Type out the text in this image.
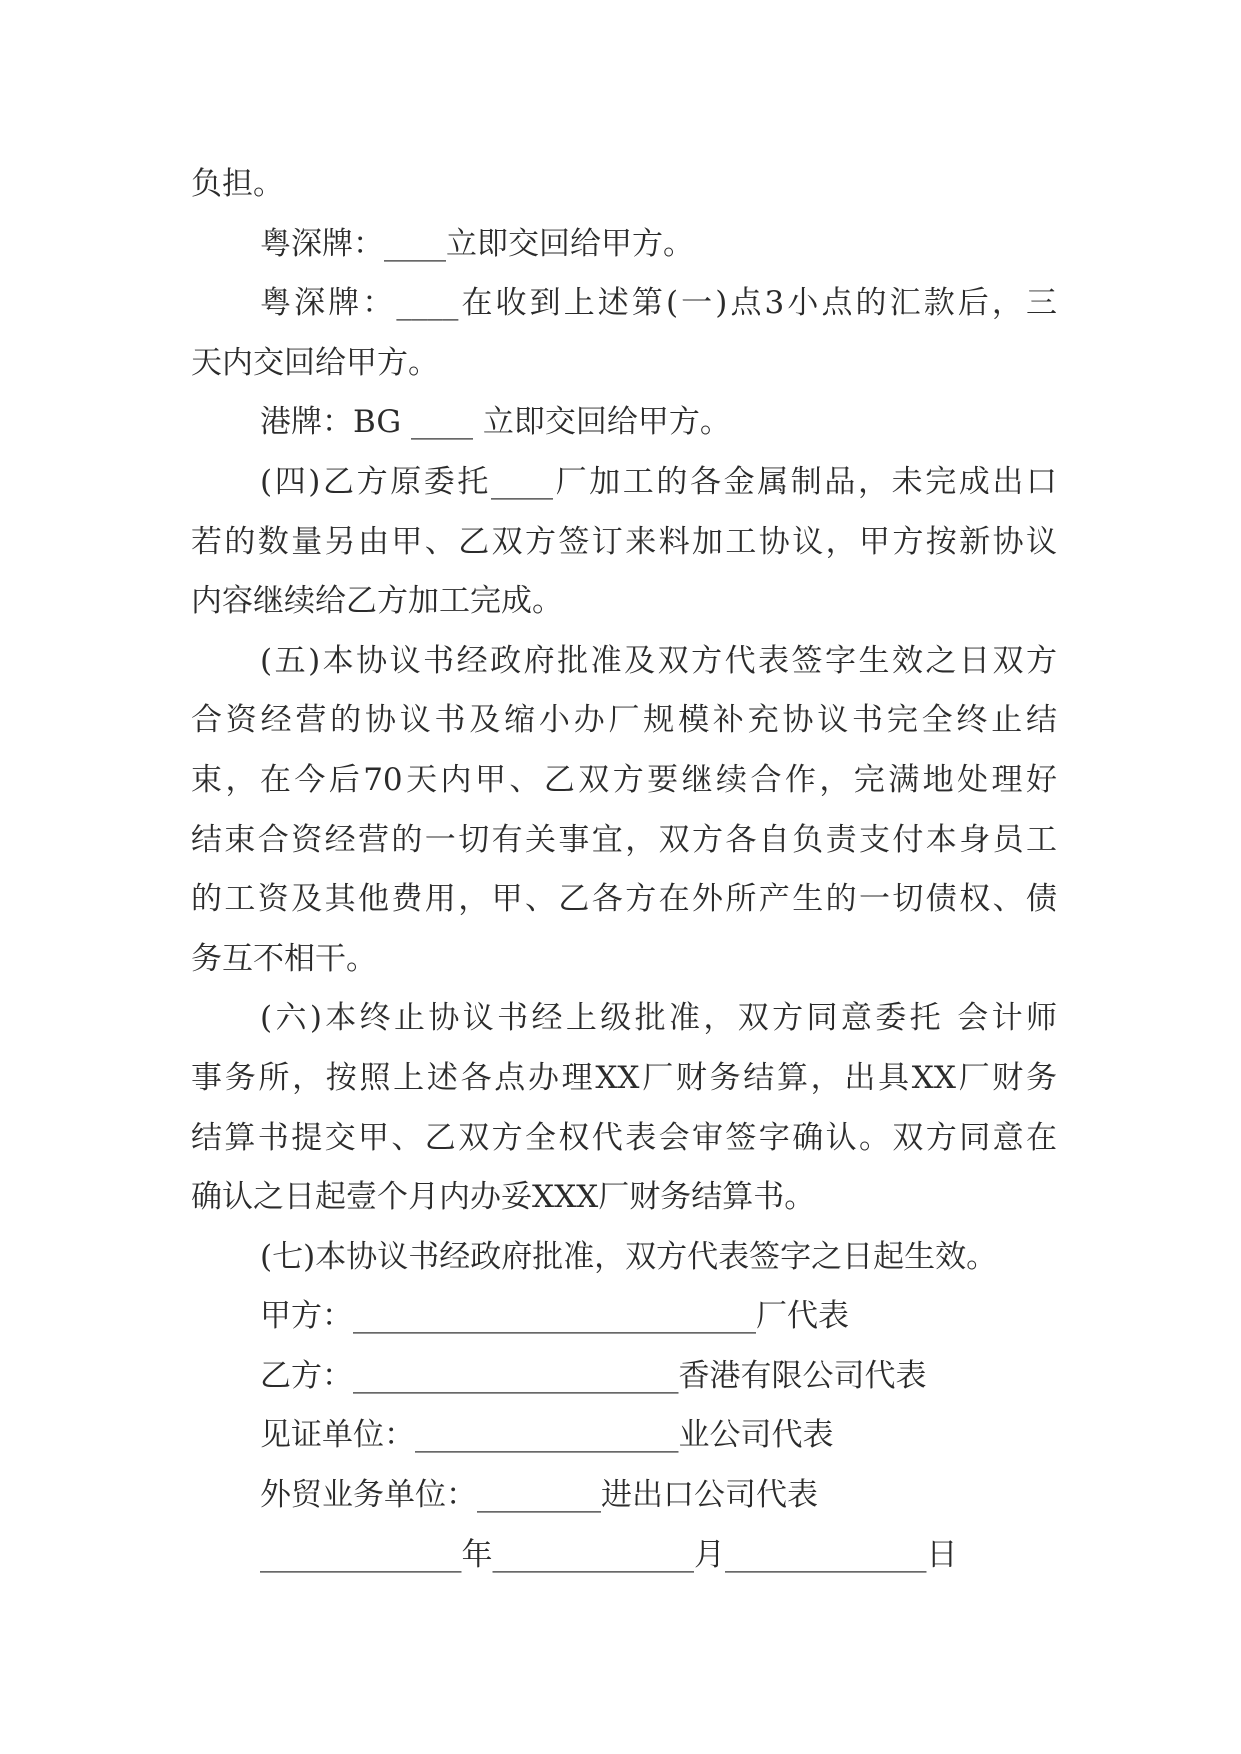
负担。
粤深牌：____立即交回给甲方。
粤深牌：____在收到上述第(一)点3小点的汇款后，三
天内交回给甲方。
港牌：BG ____ 立即交回给甲方。
(四)乙方原委托____厂加工的各金属制品，未完成出口
若的数量另由甲、乙双方签订来料加工协议，甲方按新协议
内容继续给乙方加工完成。
(五)本协议书经政府批准及双方代表签字生效之日双方
合资经营的协议书及缩小办厂规模补充协议书完全终止结
束，在今后70天内甲、乙双方要继续合作，完满地处理好
结束合资经营的一切有关事宜，双方各自负责支付本身员工
的工资及其他费用，甲、乙各方在外所产生的一切债权、债
务互不相干。
(六)本终止协议书经上级批准，双方同意委托 会计师
事务所，按照上述各点办理XX厂财务结算，出具XX厂财务
结算书提交甲、乙双方全权代表会审签字确认。双方同意在
确认之日起壹个月内办妥XXX厂财务结算书。
(七)本协议书经政府批准，双方代表签字之日起生效。
甲方：__________________________厂代表
乙方：_____________________香港有限公司代表
见证单位：_________________业公司代表
外贸业务单位：________进出口公司代表
_____________年_____________月_____________日
